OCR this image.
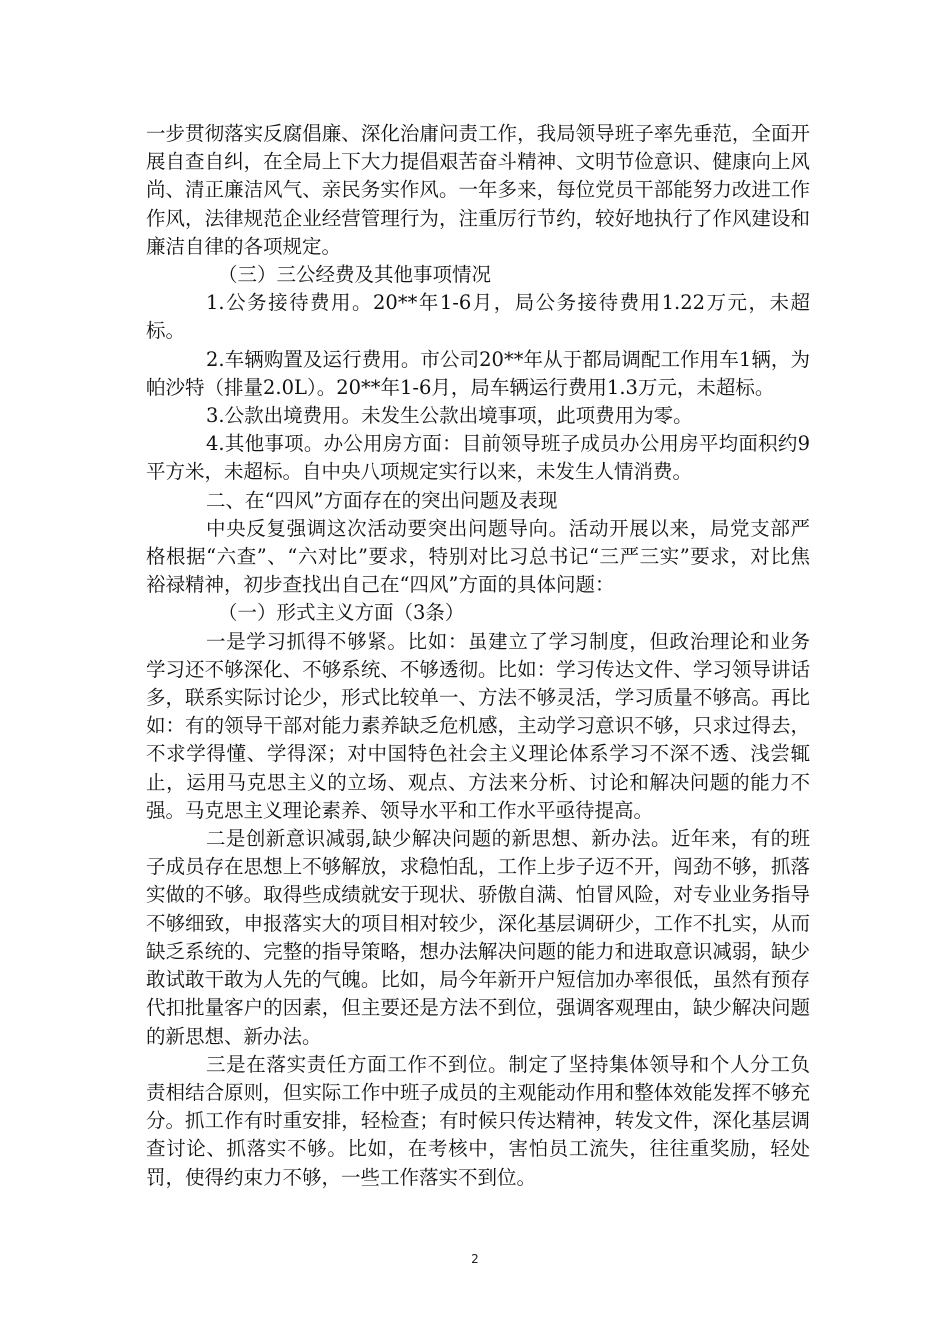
一步贯彻落实反腐倡廉、深化治庸问责工作，我局领导班子率先垂范，全面开展自查自纠，在全局上下大力提倡艰苦奋斗精神、文明节俭意识、健康向上风尚、清正廉洁风气、亲民务实作风。一年多来，每位党员干部能努力改进工作作风，法律规范企业经营管理行为，注重厉行节约，较好地执行了作风建设和廉洁自律的各项规定。

（三）三公经费及其他事项情况

1.公务接待费用。20**年1-6月，局公务接待费用1.22万元，未超标。

2.车辆购置及运行费用。市公司20**年从于都局调配工作用车1辆，为帕沙特（排量2.0L）。20**年1-6月，局车辆运行费用1.3万元，未超标。

3.公款出境费用。未发生公款出境事项，此项费用为零。

4.其他事项。办公用房方面：目前领导班子成员办公用房平均面积约9平方米，未超标。自中央八项规定实行以来，未发生人情消费。

二、在“四风”方面存在的突出问题及表现

中央反复强调这次活动要突出问题导向。活动开展以来，局党支部严格根据“六查”、“六对比”要求，特别对比习总书记“三严三实”要求，对比焦裕禄精神，初步查找出自己在“四风”方面的具体问题：

（一）形式主义方面（3条）

一是学习抓得不够紧。比如：虽建立了学习制度，但政治理论和业务学习还不够深化、不够系统、不够透彻。比如：学习传达文件、学习领导讲话多，联系实际讨论少，形式比较单一、方法不够灵活，学习质量不够高。再比如：有的领导干部对能力素养缺乏危机感，主动学习意识不够，只求过得去，不求学得懂、学得深；对中国特色社会主义理论体系学习不深不透、浅尝辄止，运用马克思主义的立场、观点、方法来分析、讨论和解决问题的能力不强。马克思主义理论素养、领导水平和工作水平亟待提高。

二是创新意识减弱,缺少解决问题的新思想、新办法。近年来，有的班子成员存在思想上不够解放，求稳怕乱，工作上步子迈不开，闯劲不够，抓落实做的不够。取得些成绩就安于现状、骄傲自满、怕冒风险，对专业业务指导不够细致，申报落实大的项目相对较少，深化基层调研少，工作不扎实，从而缺乏系统的、完整的指导策略，想办法解决问题的能力和进取意识减弱，缺少敢试敢干敢为人先的气魄。比如，局今年新开户短信加办率很低，虽然有预存代扣批量客户的因素，但主要还是方法不到位，强调客观理由，缺少解决问题的新思想、新办法。

三是在落实责任方面工作不到位。制定了坚持集体领导和个人分工负责相结合原则，但实际工作中班子成员的主观能动作用和整体效能发挥不够充分。抓工作有时重安排，轻检查；有时候只传达精神，转发文件，深化基层调查讨论、抓落实不够。比如，在考核中，害怕员工流失，往往重奖励，轻处罚，使得约束力不够，一些工作落实不到位。

2
